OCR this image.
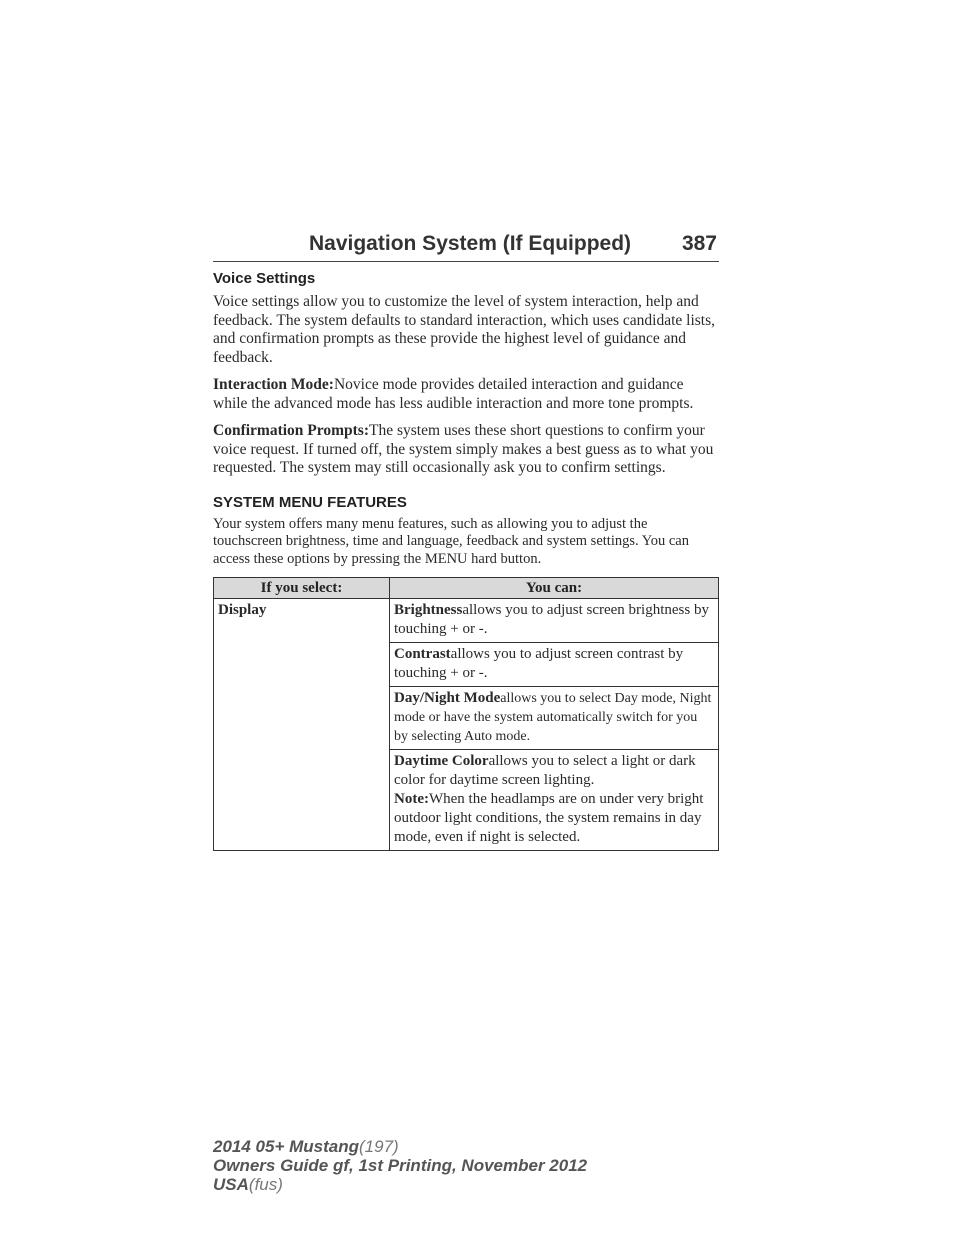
Navigation System (If Equipped) 387
Voice Settings

Voice settings allow you to customize the level of system interaction, help and feedback. The system defaults to standard interaction, which uses candidate lists, and confirmation prompts as these provide the highest level of guidance and feedback.

Interaction Mode:Novice mode provides detailed interaction and guidance while the advanced mode has less audible interaction and more tone prompts.

Confirmation Prompts:The system uses these short questions to confirm your voice request. If turned off, the system simply makes a best guess as to what you requested. The system may still occasionally ask you to confirm settings.

SYSTEM MENU FEATURES

Your system offers many menu features, such as allowing you to adjust the touchscreen brightness, time and language, feedback and system settings. You can access these options by pressing the MENU hard button.

If you select:	You can:
Display	Brightnessallows you to adjust screen brightness by touching + or -.
	Contrastallows you to adjust screen contrast by touching + or -.
	Day/Night Modeallows you to select Day mode, Night mode or have the system automatically switch for you by selecting Auto mode.
	Daytime Colorallows you to select a light or dark color for daytime screen lighting.
Note:When the headlamps are on under very bright outdoor light conditions, the system remains in day mode, even if night is selected.
2014 05+ Mustang(197)
Owners Guide gf, 1st Printing, November 2012
USA(fus)
